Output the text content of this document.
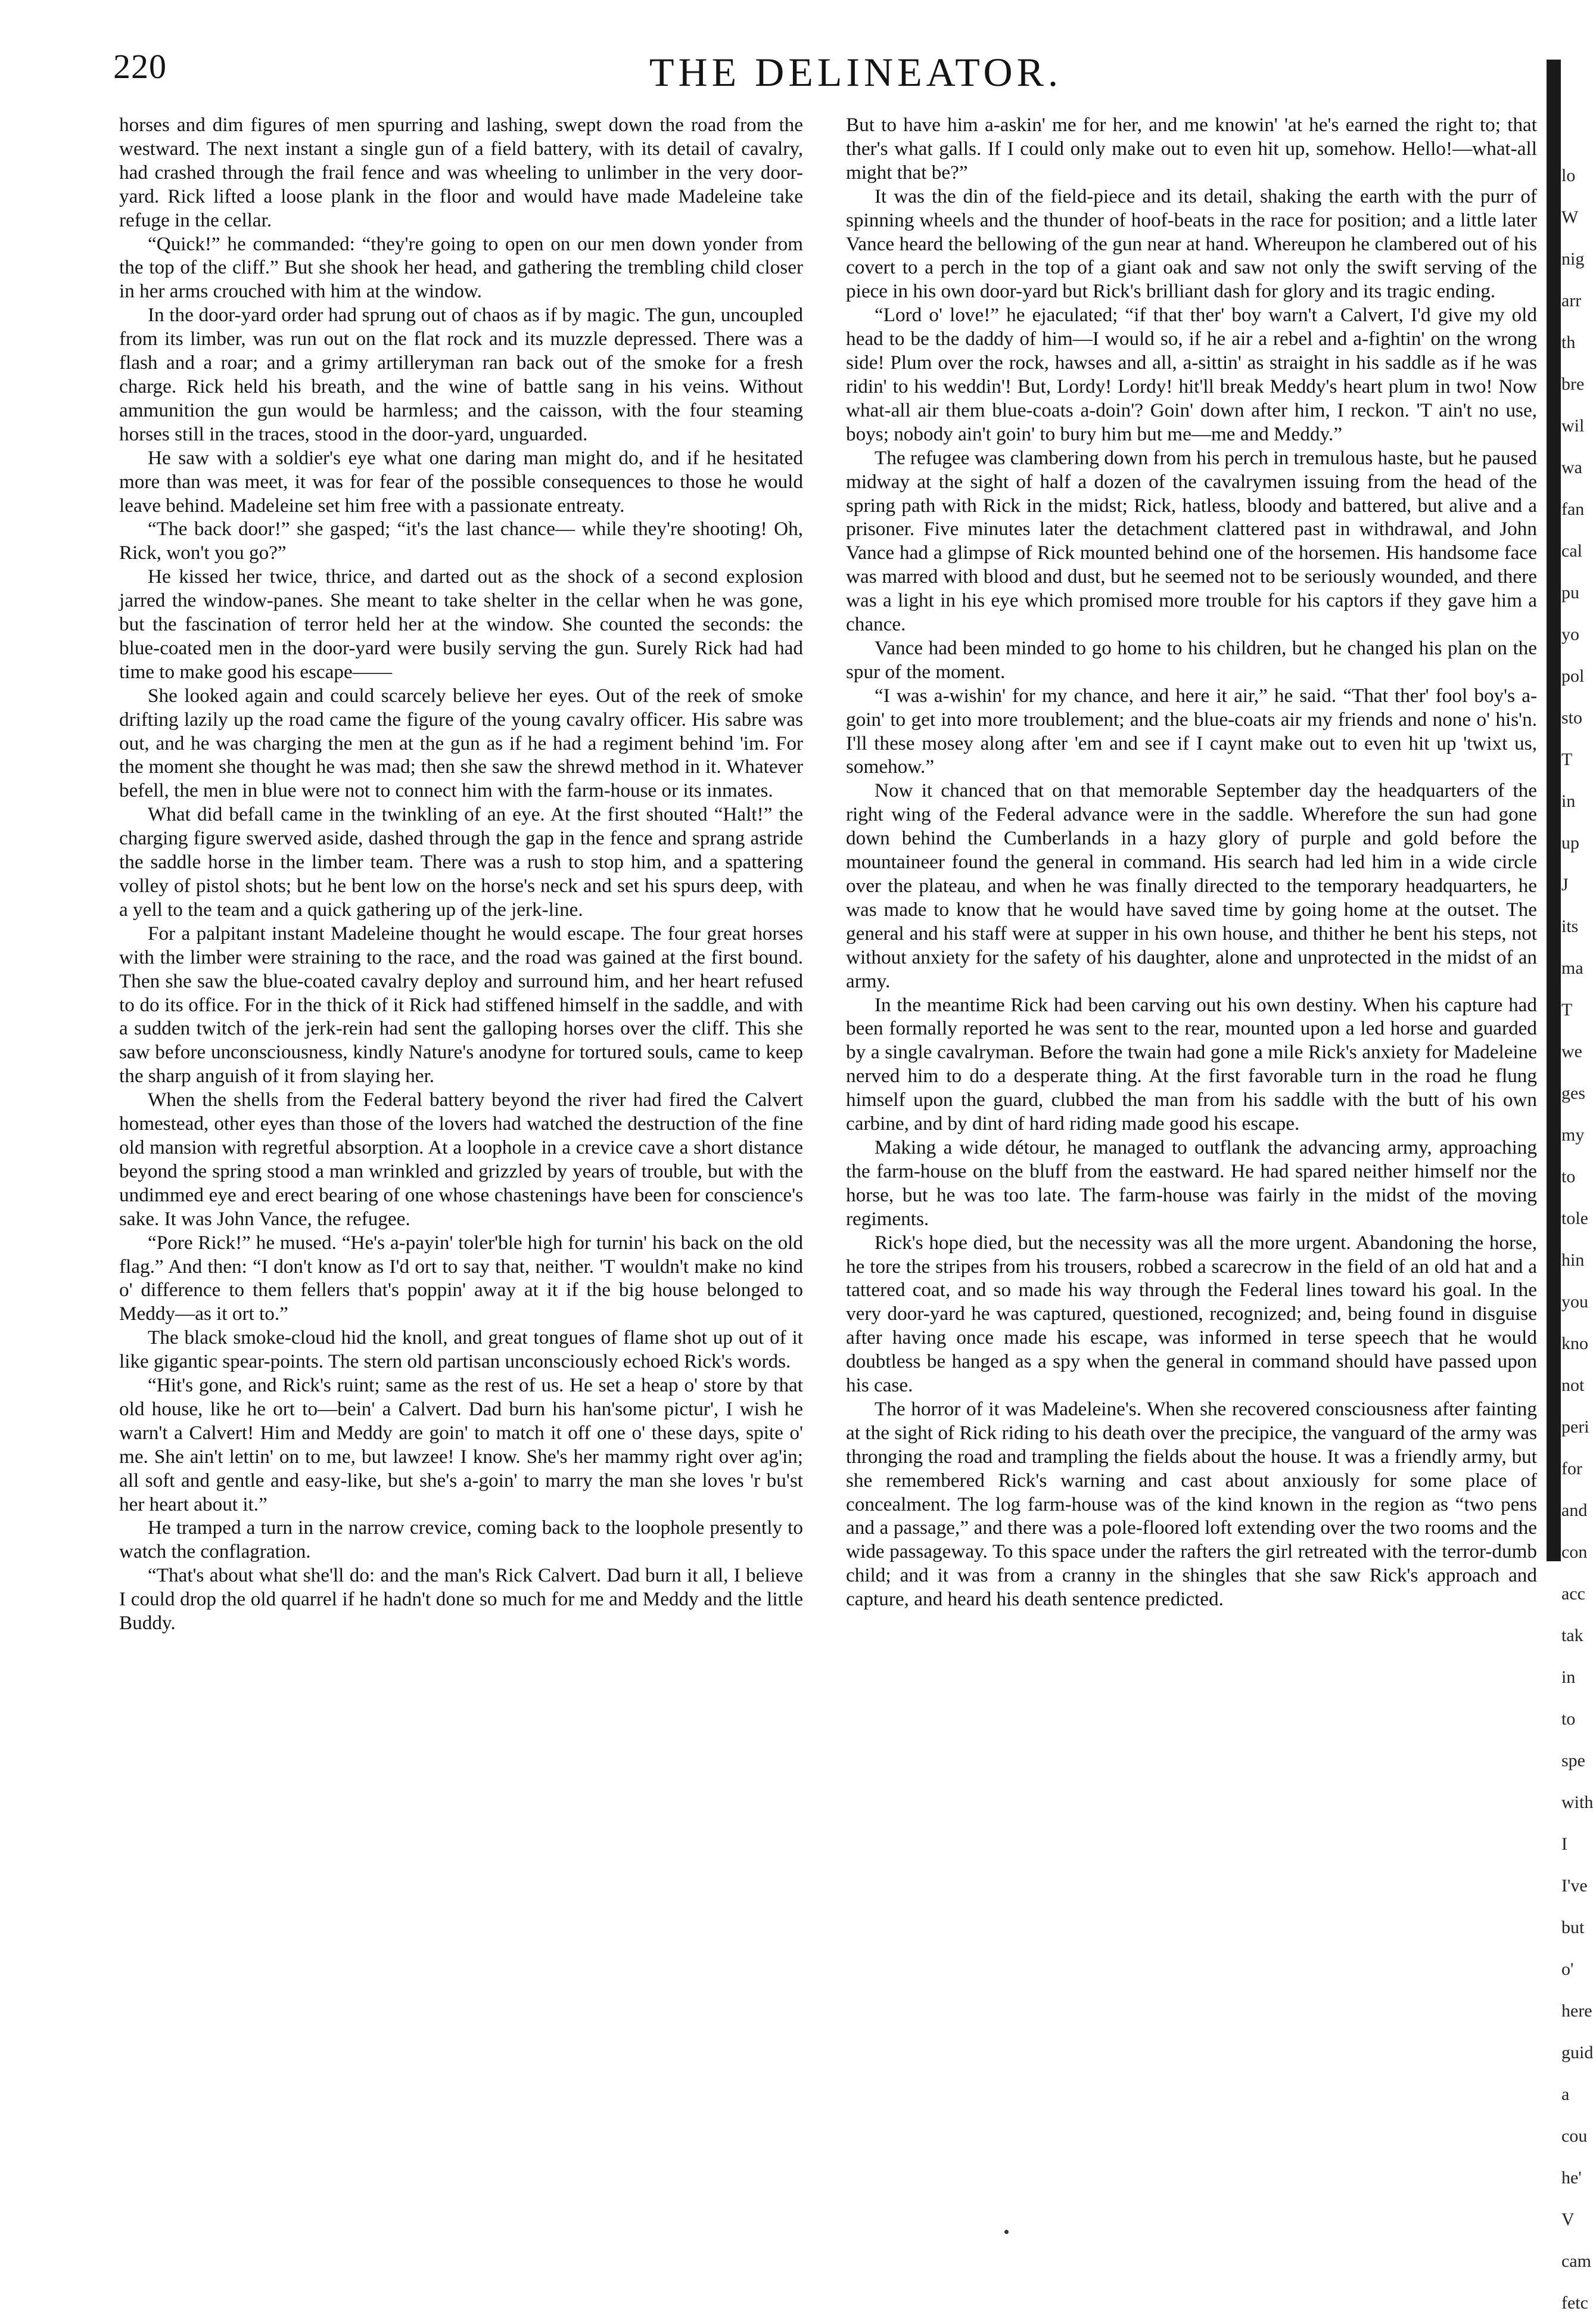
220	THE DELINEATOR.

horses and dim figures of men spurring and lashing, swept down the road from the westward. The next instant a single gun of a field battery, with its detail of cavalry, had crashed through the frail fence and was wheeling to unlimber in the very door-yard. Rick lifted a loose plank in the floor and would have made Madeleine take refuge in the cellar.

“Quick!” he commanded: “they're going to open on our men down yonder from the top of the cliff.” But she shook her head, and gathering the trembling child closer in her arms crouched with him at the window.

In the door-yard order had sprung out of chaos as if by magic. The gun, uncoupled from its limber, was run out on the flat rock and its muzzle depressed. There was a flash and a roar; and a grimy artilleryman ran back out of the smoke for a fresh charge. Rick held his breath, and the wine of battle sang in his veins. Without ammunition the gun would be harmless; and the caisson, with the four steaming horses still in the traces, stood in the door-yard, unguarded.

He saw with a soldier's eye what one daring man might do, and if he hesitated more than was meet, it was for fear of the possible consequences to those he would leave behind. Madeleine set him free with a passionate entreaty.

“The back door!” she gasped; “it's the last chance— while they're shooting! Oh, Rick, won't you go?”

He kissed her twice, thrice, and darted out as the shock of a second explosion jarred the window-panes. She meant to take shelter in the cellar when he was gone, but the fascination of terror held her at the window. She counted the seconds: the blue-coated men in the door-yard were busily serving the gun. Surely Rick had had time to make good his escape——

She looked again and could scarcely believe her eyes. Out of the reek of smoke drifting lazily up the road came the figure of the young cavalry officer. His sabre was out, and he was charging the men at the gun as if he had a regiment behind 'im. For the moment she thought he was mad; then she saw the shrewd method in it. Whatever befell, the men in blue were not to connect him with the farm-house or its inmates.

What did befall came in the twinkling of an eye. At the first shouted “Halt!” the charging figure swerved aside, dashed through the gap in the fence and sprang astride the saddle horse in the limber team. There was a rush to stop him, and a spattering volley of pistol shots; but he bent low on the horse's neck and set his spurs deep, with a yell to the team and a quick gathering up of the jerk-line.

For a palpitant instant Madeleine thought he would escape. The four great horses with the limber were straining to the race, and the road was gained at the first bound. Then she saw the blue-coated cavalry deploy and surround him, and her heart refused to do its office. For in the thick of it Rick had stiffened himself in the saddle, and with a sudden twitch of the jerk-rein had sent the galloping horses over the cliff. This she saw before unconsciousness, kindly Nature's anodyne for tortured souls, came to keep the sharp anguish of it from slaying her.

When the shells from the Federal battery beyond the river had fired the Calvert homestead, other eyes than those of the lovers had watched the destruction of the fine old mansion with regretful absorption. At a loophole in a crevice cave a short distance beyond the spring stood a man wrinkled and grizzled by years of trouble, but with the undimmed eye and erect bearing of one whose chastenings have been for conscience's sake. It was John Vance, the refugee.

“Pore Rick!” he mused. “He's a-payin' toler'ble high for turnin' his back on the old flag.” And then: “I don't know as I'd ort to say that, neither. 'T wouldn't make no kind o' difference to them fellers that's poppin' away at it if the big house belonged to Meddy—as it ort to.”

The black smoke-cloud hid the knoll, and great tongues of flame shot up out of it like gigantic spear-points. The stern old partisan unconsciously echoed Rick's words.

“Hit's gone, and Rick's ruint; same as the rest of us. He set a heap o' store by that old house, like he ort to—bein' a Calvert. Dad burn his han'some pictur', I wish he warn't a Calvert! Him and Meddy are goin' to match it off one o' these days, spite o' me. She ain't lettin' on to me, but lawzee! I know. She's her mammy right over ag'in; all soft and gentle and easy-like, but she's a-goin' to marry the man she loves 'r bu'st her heart about it.”

He tramped a turn in the narrow crevice, coming back to the loophole presently to watch the conflagration.

“That's about what she'll do: and the man's Rick Calvert. Dad burn it all, I believe I could drop the old quarrel if he hadn't done so much for me and Meddy and the little Buddy.

But to have him a-askin' me for her, and me knowin' 'at he's earned the right to; that ther's what galls. If I could only make out to even hit up, somehow. Hello!—what-all might that be?”

It was the din of the field-piece and its detail, shaking the earth with the purr of spinning wheels and the thunder of hoof-beats in the race for position; and a little later Vance heard the bellowing of the gun near at hand. Whereupon he clambered out of his covert to a perch in the top of a giant oak and saw not only the swift serving of the piece in his own door-yard but Rick's brilliant dash for glory and its tragic ending.

“Lord o' love!” he ejaculated; “if that ther' boy warn't a Calvert, I'd give my old head to be the daddy of him—I would so, if he air a rebel and a-fightin' on the wrong side! Plum over the rock, hawses and all, a-sittin' as straight in his saddle as if he was ridin' to his weddin'! But, Lordy! Lordy! hit'll break Meddy's heart plum in two! Now what-all air them blue-coats a-doin'? Goin' down after him, I reckon. 'T ain't no use, boys; nobody ain't goin' to bury him but me—me and Meddy.”

The refugee was clambering down from his perch in tremulous haste, but he paused midway at the sight of half a dozen of the cavalrymen issuing from the head of the spring path with Rick in the midst; Rick, hatless, bloody and battered, but alive and a prisoner. Five minutes later the detachment clattered past in withdrawal, and John Vance had a glimpse of Rick mounted behind one of the horsemen. His handsome face was marred with blood and dust, but he seemed not to be seriously wounded, and there was a light in his eye which promised more trouble for his captors if they gave him a chance.

Vance had been minded to go home to his children, but he changed his plan on the spur of the moment.

“I was a-wishin' for my chance, and here it air,” he said. “That ther' fool boy's a-goin' to get into more troublement; and the blue-coats air my friends and none o' his'n. I'll these mosey along after 'em and see if I caynt make out to even hit up 'twixt us, somehow.”

Now it chanced that on that memorable September day the headquarters of the right wing of the Federal advance were in the saddle. Wherefore the sun had gone down behind the Cumberlands in a hazy glory of purple and gold before the mountaineer found the general in command. His search had led him in a wide circle over the plateau, and when he was finally directed to the temporary headquarters, he was made to know that he would have saved time by going home at the outset. The general and his staff were at supper in his own house, and thither he bent his steps, not without anxiety for the safety of his daughter, alone and unprotected in the midst of an army.

In the meantime Rick had been carving out his own destiny. When his capture had been formally reported he was sent to the rear, mounted upon a led horse and guarded by a single cavalryman. Before the twain had gone a mile Rick's anxiety for Madeleine nerved him to do a desperate thing. At the first favorable turn in the road he flung himself upon the guard, clubbed the man from his saddle with the butt of his own carbine, and by dint of hard riding made good his escape.

Making a wide détour, he managed to outflank the advancing army, approaching the farm-house on the bluff from the eastward. He had spared neither himself nor the horse, but he was too late. The farm-house was fairly in the midst of the moving regiments.

Rick's hope died, but the necessity was all the more urgent. Abandoning the horse, he tore the stripes from his trousers, robbed a scarecrow in the field of an old hat and a tattered coat, and so made his way through the Federal lines toward his goal. In the very door-yard he was captured, questioned, recognized; and, being found in disguise after having once made his escape, was informed in terse speech that he would doubtless be hanged as a spy when the general in command should have passed upon his case.

The horror of it was Madeleine's. When she recovered consciousness after fainting at the sight of Rick riding to his death over the precipice, the vanguard of the army was thronging the road and trampling the fields about the house. It was a friendly army, but she remembered Rick's warning and cast about anxiously for some place of concealment. The log farm-house was of the kind known in the region as “two pens and a passage,” and there was a pole-floored loft extending over the two rooms and the wide passageway. To this space under the rafters the girl retreated with the terror-dumb child; and it was from a cranny in the shingles that she saw Rick's approach and capture, and heard his death sentence predicted.

lo
W
nig
arr
th
bre
wil
wa
fan
cal
pu
yo
pol
sto
T
in
up
J
its
ma
T
we
ges
my
to
tole
hin
you
kno
not
peri
for
and
con
acc
tak
in
to
spe
with
I
I've
but
o'
here
guid
a
cou
he'
V
cam
fetc
